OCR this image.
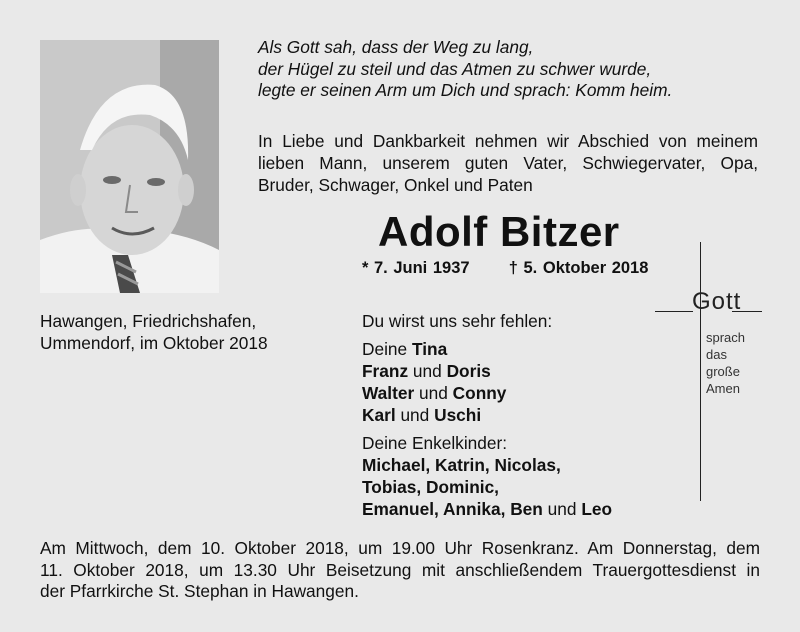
Als Gott sah, dass der Weg zu lang,
der Hügel zu steil und das Atmen zu schwer wurde,
legte er seinen Arm um Dich und sprach: Komm heim.
In Liebe und Dankbarkeit nehmen wir Abschied von meinem
lieben Mann, unserem guten Vater, Schwiegervater, Opa,
Bruder, Schwager, Onkel und Paten
Adolf Bitzer
* 7. Juni 1937 † 5. Oktober 2018
Hawangen, Friedrichshafen,
Ummendorf, im Oktober 2018
Du wirst uns sehr fehlen:
Deine Tina
Franz und Doris
Walter und Conny
Karl und Uschi
Deine Enkelkinder:
Michael, Katrin, Nicolas,
Tobias, Dominic,
Emanuel, Annika, Ben und Leo
Gott
sprach
das
große
Amen
Am Mittwoch, dem 10. Oktober 2018, um 19.00 Uhr Rosenkranz. Am Donnerstag, dem
11. Oktober 2018, um 13.30 Uhr Beisetzung mit anschließendem Trauergottesdienst in
der Pfarrkirche St. Stephan in Hawangen.
